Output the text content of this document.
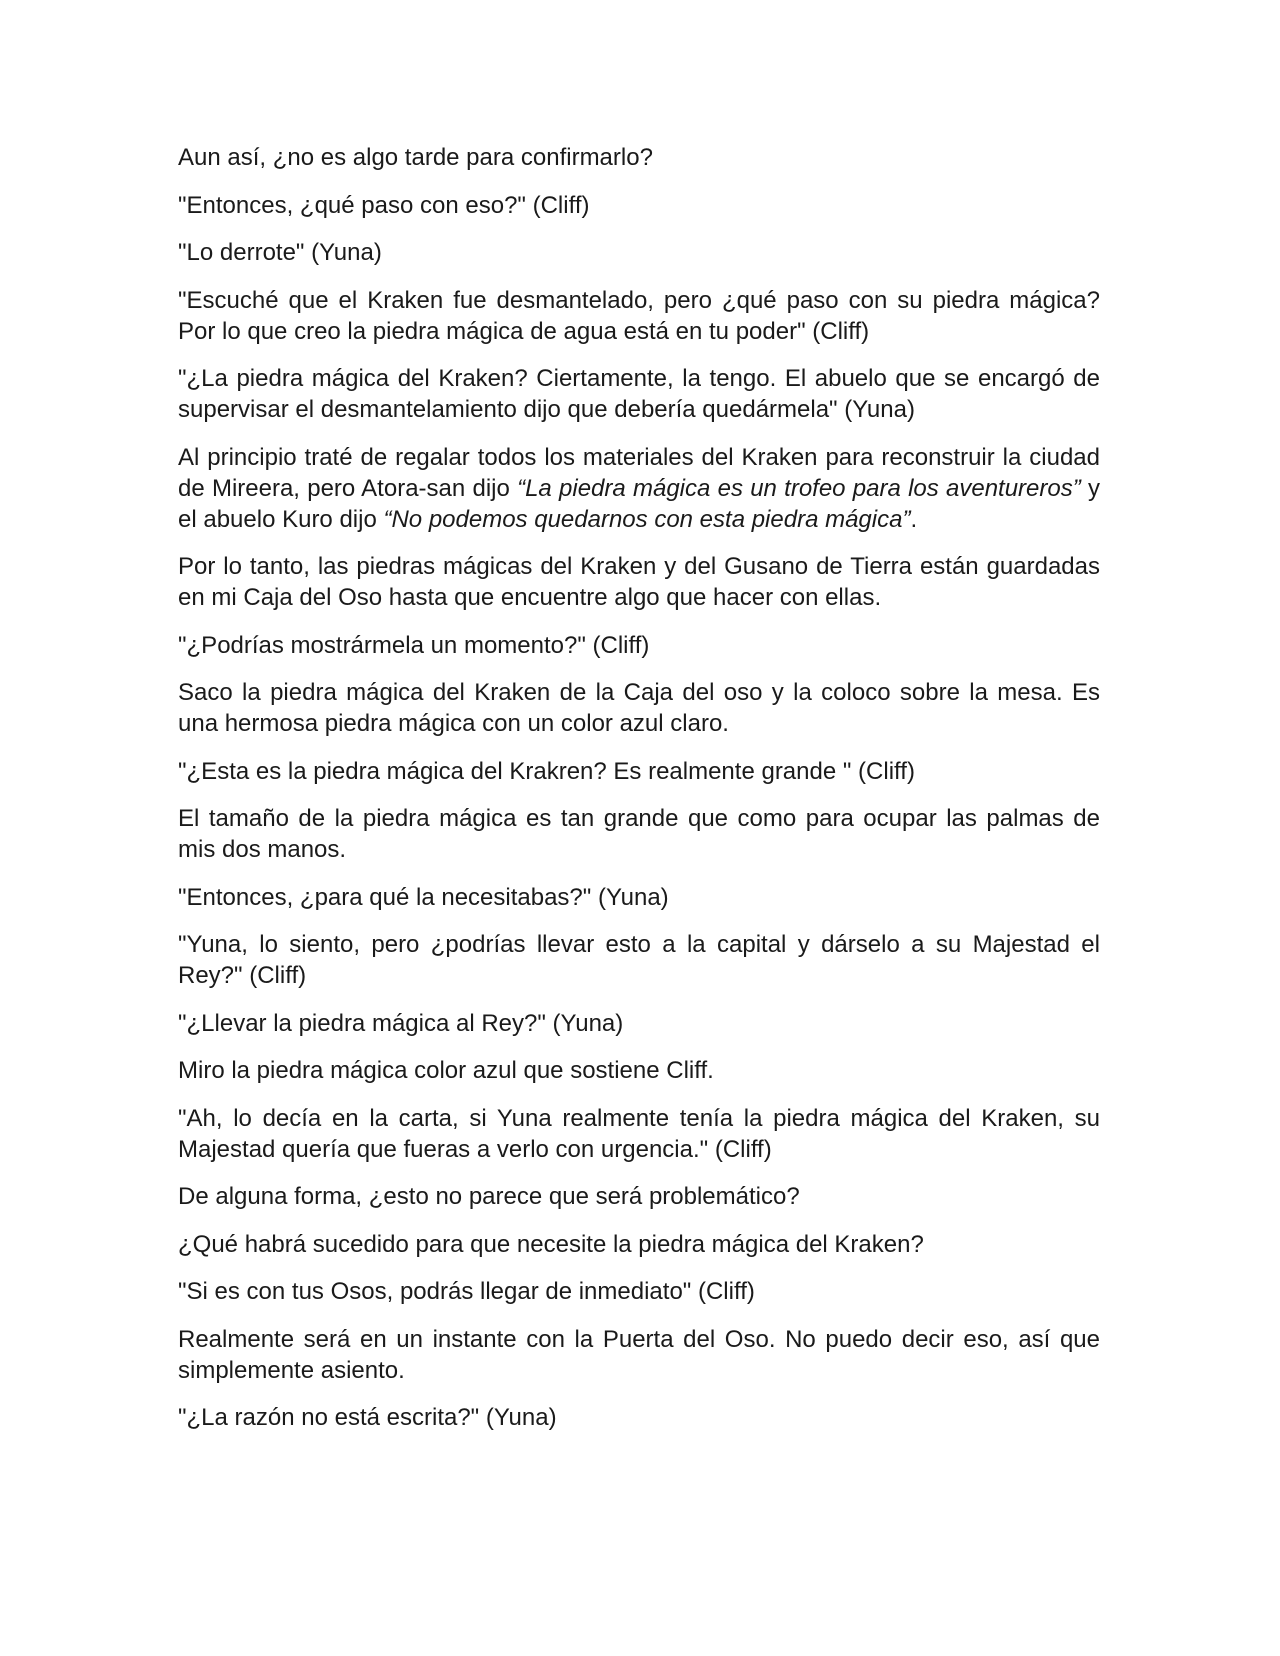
Aun así, ¿no es algo tarde para confirmarlo?

"Entonces, ¿qué paso con eso?" (Cliff)

"Lo derrote" (Yuna)

"Escuché que el Kraken fue desmantelado, pero ¿qué paso con su piedra mágica? Por lo que creo la piedra mágica de agua está en tu poder" (Cliff)

"¿La piedra mágica del Kraken? Ciertamente, la tengo. El abuelo que se encargó de supervisar el desmantelamiento dijo que debería quedármela" (Yuna)

Al principio traté de regalar todos los materiales del Kraken para reconstruir la ciudad de Mireera, pero Atora-san dijo “La piedra mágica es un trofeo para los aventureros” y el abuelo Kuro dijo “No podemos quedarnos con esta piedra mágica”.

Por lo tanto, las piedras mágicas del Kraken y del Gusano de Tierra están guardadas en mi Caja del Oso hasta que encuentre algo que hacer con ellas.

"¿Podrías mostrármela un momento?" (Cliff)

Saco la piedra mágica del Kraken de la Caja del oso y la coloco sobre la mesa. Es una hermosa piedra mágica con un color azul claro.

"¿Esta es la piedra mágica del Krakren? Es realmente grande " (Cliff)

El tamaño de la piedra mágica es tan grande que como para ocupar las palmas de mis dos manos.

"Entonces, ¿para qué la necesitabas?" (Yuna)

"Yuna, lo siento, pero ¿podrías llevar esto a la capital y dárselo a su Majestad el Rey?" (Cliff)

"¿Llevar la piedra mágica al Rey?" (Yuna)

Miro la piedra mágica color azul que sostiene Cliff.

"Ah, lo decía en la carta, si Yuna realmente tenía la piedra mágica del Kraken, su Majestad quería que fueras a verlo con urgencia." (Cliff)

De alguna forma, ¿esto no parece que será problemático?

¿Qué habrá sucedido para que necesite la piedra mágica del Kraken?

"Si es con tus Osos, podrás llegar de inmediato" (Cliff)

Realmente será en un instante con la Puerta del Oso. No puedo decir eso, así que simplemente asiento.

"¿La razón no está escrita?" (Yuna)
